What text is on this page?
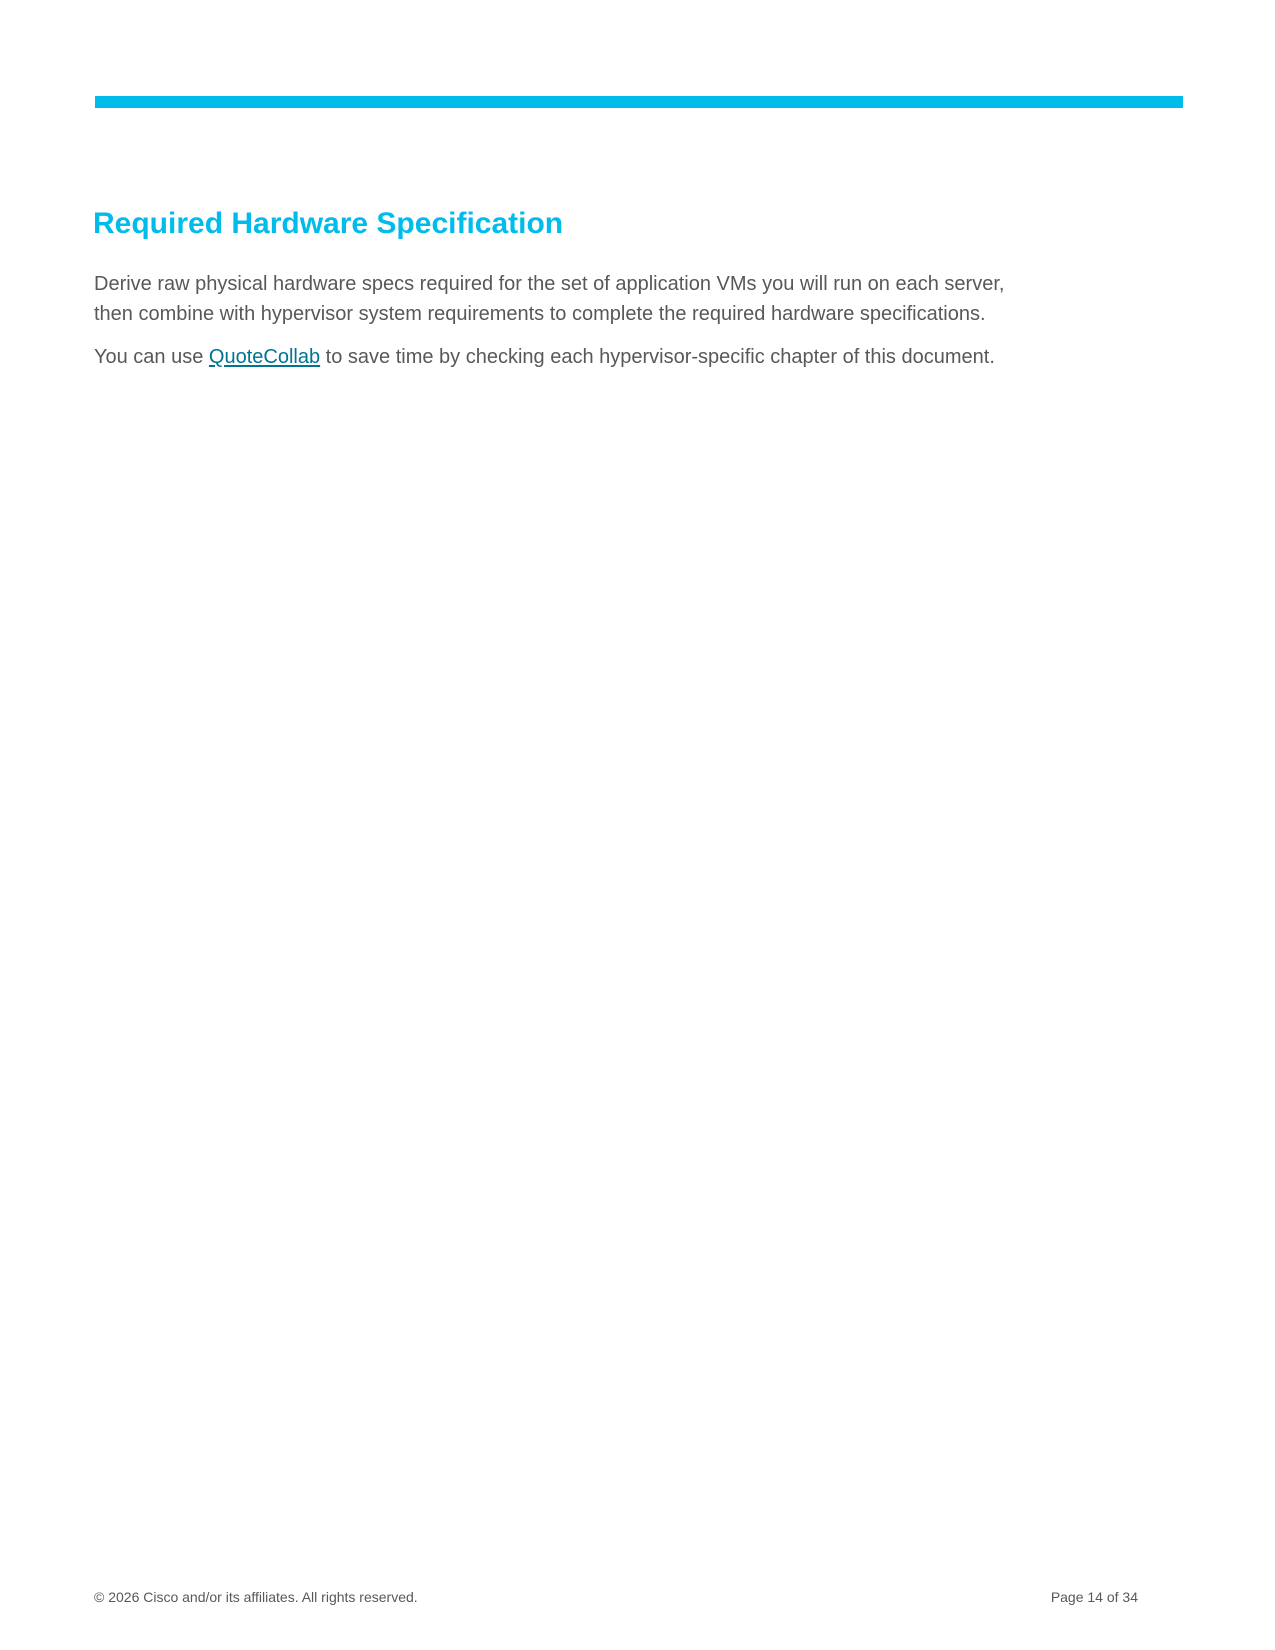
Required Hardware Specification

Derive raw physical hardware specs required for the set of application VMs you will run on each server,
then combine with hypervisor system requirements to complete the required hardware specifications.

You can use QuoteCollab to save time by checking each hypervisor-specific chapter of this document.

© 2026 Cisco and/or its affiliates. All rights reserved.	Page 14 of 34
